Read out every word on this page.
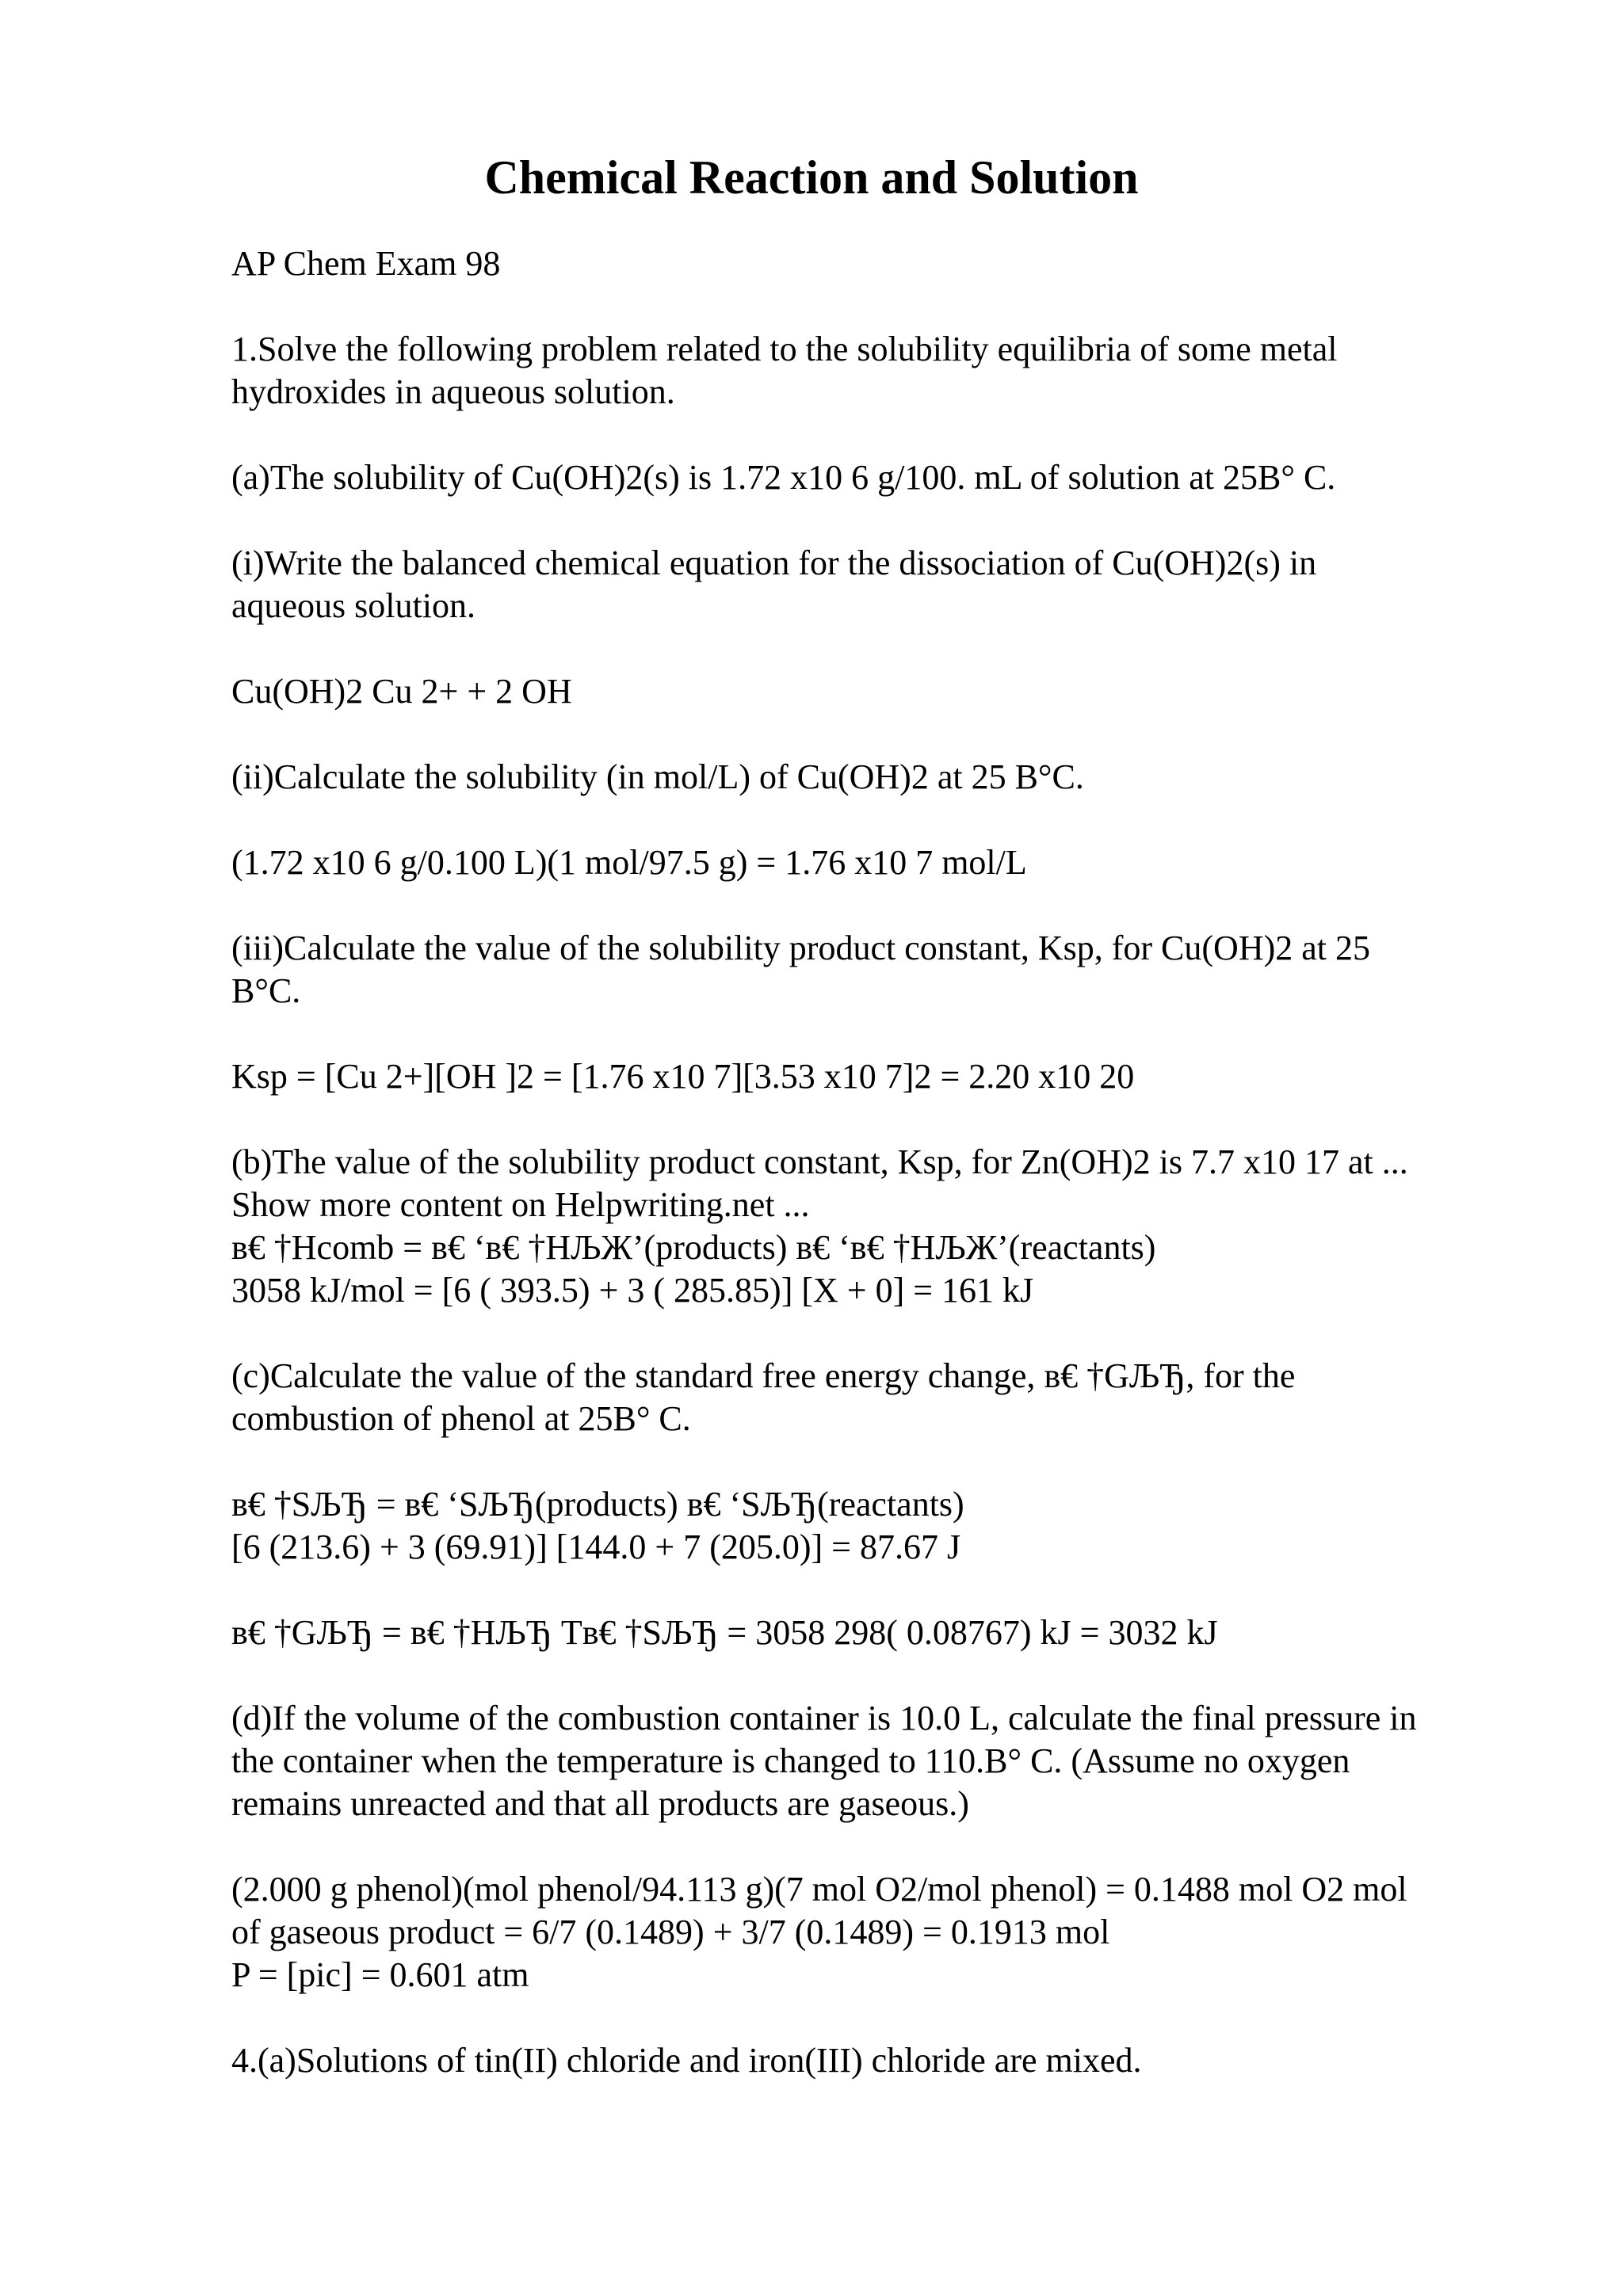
Chemical Reaction and Solution

AP Chem Exam 98

1.Solve the following problem related to the solubility equilibria of some metal
hydroxides in aqueous solution.

(a)The solubility of Cu(OH)2(s) is 1.72 x10 6 g/100. mL of solution at 25B° C.

(i)Write the balanced chemical equation for the dissociation of Cu(OH)2(s) in
aqueous solution.

Cu(OH)2 Cu 2+ + 2 OH

(ii)Calculate the solubility (in mol/L) of Cu(OH)2 at 25 B°C.

(1.72 x10 6 g/0.100 L)(1 mol/97.5 g) = 1.76 x10 7 mol/L

(iii)Calculate the value of the solubility product constant, Ksp, for Cu(OH)2 at 25
B°C.

Ksp = [Cu 2+][OH ]2 = [1.76 x10 7][3.53 x10 7]2 = 2.20 x10 20

(b)The value of the solubility product constant, Ksp, for Zn(OH)2 is 7.7 x10 17 at ...
Show more content on Helpwriting.net ...
в€ †Hcomb = в€ ‘в€ †НЉЖ’(products) в€ ‘в€ †НЉЖ’(reactants)
3058 kJ/mol = [6 ( 393.5) + 3 ( 285.85)] [X + 0] = 161 kJ

(c)Calculate the value of the standard free energy change, в€ †GЉЂ, for the
combustion of phenol at 25B° C.

в€ †SЉЂ = в€ ‘SЉЂ(products) в€ ‘SЉЂ(reactants)
[6 (213.6) + 3 (69.91)] [144.0 + 7 (205.0)] = 87.67 J

в€ †GЉЂ = в€ †HЉЂ Tв€ †SЉЂ = 3058 298( 0.08767) kJ = 3032 kJ

(d)If the volume of the combustion container is 10.0 L, calculate the final pressure in
the container when the temperature is changed to 110.B° C. (Assume no oxygen
remains unreacted and that all products are gaseous.)

(2.000 g phenol)(mol phenol/94.113 g)(7 mol O2/mol phenol) = 0.1488 mol O2 mol
of gaseous product = 6/7 (0.1489) + 3/7 (0.1489) = 0.1913 mol
P = [pic] = 0.601 atm

4.(a)Solutions of tin(II) chloride and iron(III) chloride are mixed.
